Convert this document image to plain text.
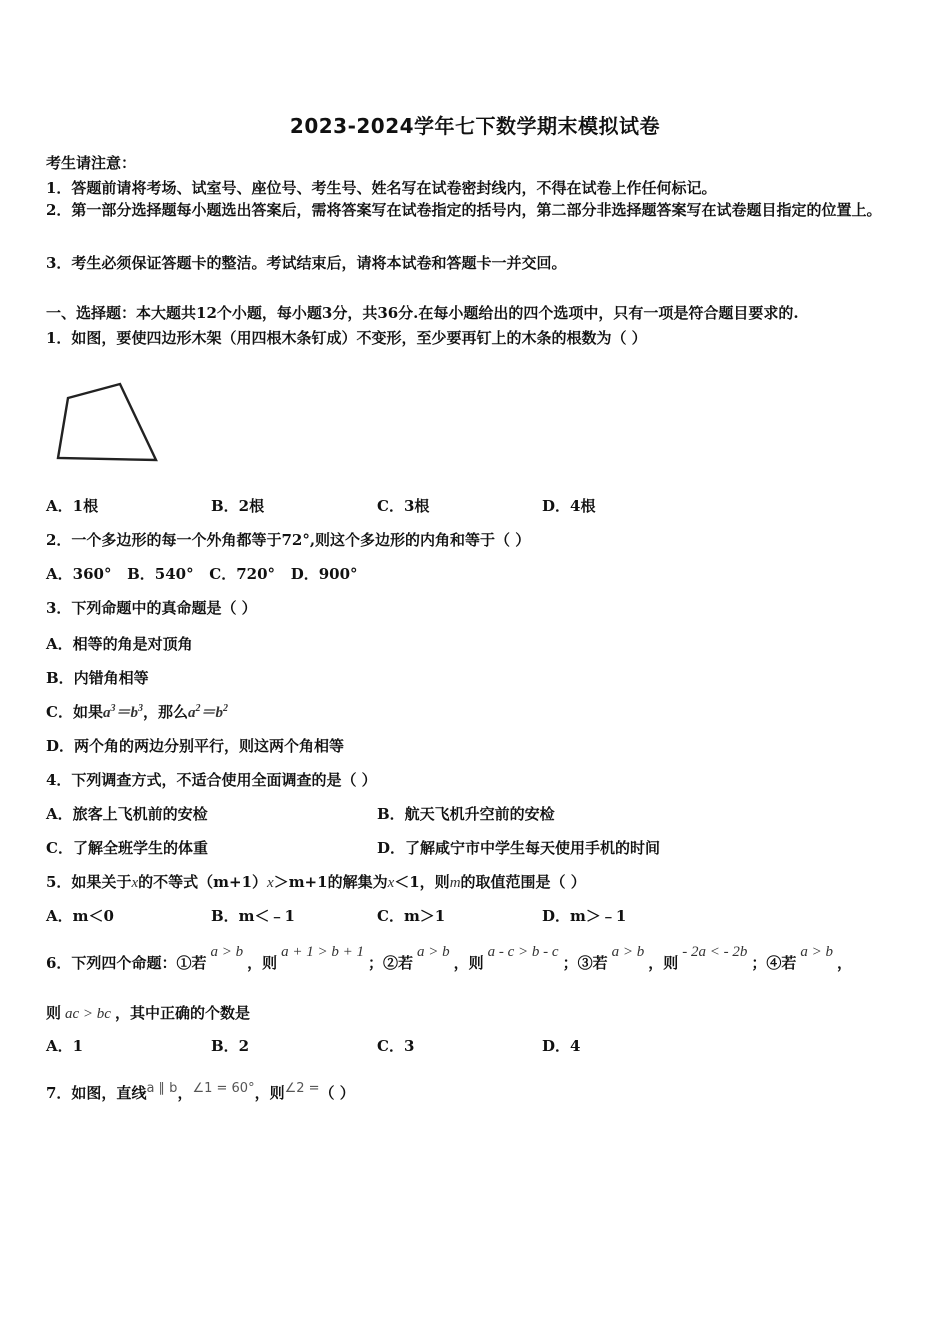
2023-2024学年七下数学期末模拟试卷
考生请注意：
1．答题前请将考场、试室号、座位号、考生号、姓名写在试卷密封线内，不得在试卷上作任何标记。
2．第一部分选择题每小题选出答案后，需将答案写在试卷指定的括号内，第二部分非选择题答案写在试卷题目指定的位置上。
3．考生必须保证答题卡的整洁。考试结束后，请将本试卷和答题卡一并交回。
一、选择题：本大题共12个小题，每小题3分，共36分.在每小题给出的四个选项中，只有一项是符合题目要求的.
1．如图，要使四边形木架（用四根木条钉成）不变形，至少要再钉上的木条的根数为（ ）
A．1根	B．2根	C．3根	D．4根
2．一个多边形的每一个外角都等于72°,则这个多边形的内角和等于（ ）
A．360°   B．540°   C．720°   D．900°
3．下列命题中的真命题是（ ）
A．相等的角是对顶角
B．内错角相等
C．如果$a^3=b^3$，那么$a^2=b^2$
D．两个角的两边分别平行，则这两个角相等
4．下列调查方式，不适合使用全面调查的是（ ）
A．旅客上飞机前的安检	B．航天飞机升空前的安检
C．了解全班学生的体重	D．了解咸宁市中学生每天使用手机的时间
5．如果关于x的不等式（m+1）x＞m+1的解集为x＜1，则m的取值范围是（ ）
A．m＜0	B．m＜﹣1	C．m＞1	D．m＞﹣1
6．下列四个命题：①若a > b，则a + 1 > b + 1；②若a > b，则a - c > b - c；③若a > b，则- 2a < - 2b；④若a > b，
则 ac > bc ，其中正确的个数是
A．1	B．2	C．3	D．4
7．如图，直线a ∥ b，∠1 = 60°，则∠2 =（ ）
